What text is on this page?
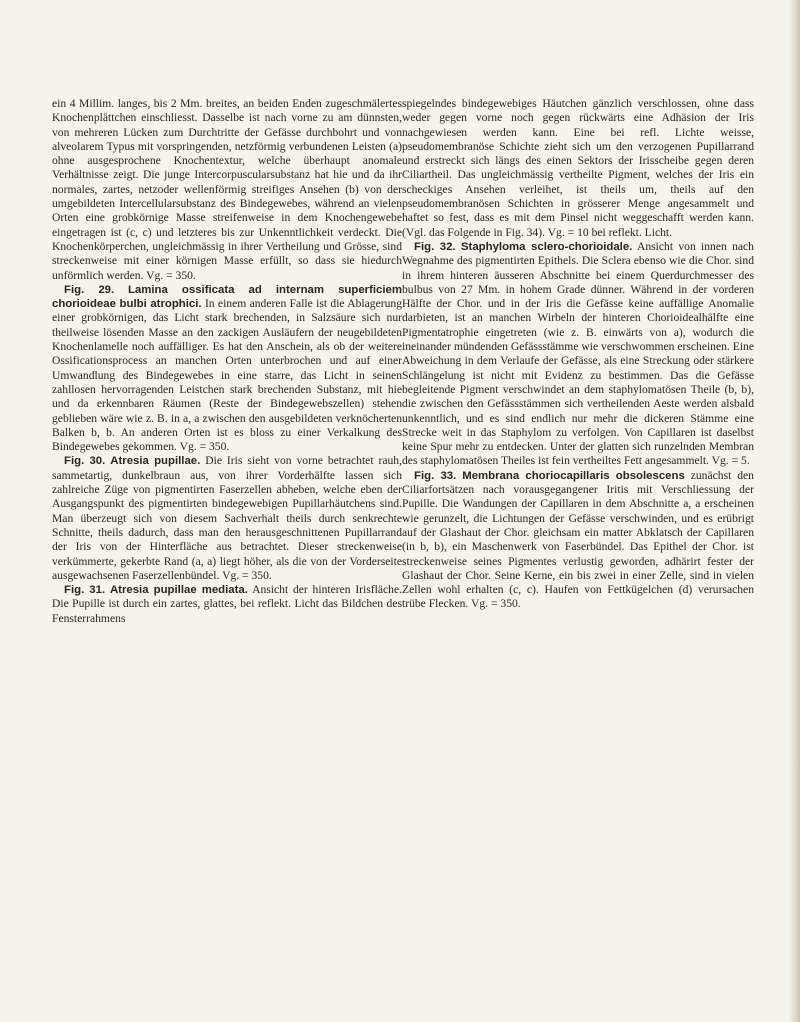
ein 4 Millim. langes, bis 2 Mm. breites, an beiden Enden zugeschmälertes Knochenplättchen einschliesst. Dasselbe ist nach vorne zu am dünnsten, von mehreren Lücken zum Durchtritte der Gefässe durchbohrt und von alveolarem Typus mit vorspringenden, netzförmig verbundenen Leisten (a) ohne ausgesprochene Knochentextur, welche überhaupt anomale Verhältnisse zeigt. Die junge Intercorpuscularsubstanz hat hie und da ihr normales, zartes, netzoder wellenförmig streifiges Ansehen (b) von der umgebildeten Intercellularsubstanz des Bindegewebes, während an vielen Orten eine grobkörnige Masse streifenweise in dem Knochengewebe eingetragen ist (c, c) und letzteres bis zur Unkenntlichkeit verdeckt. Die Knochenkörperchen, ungleichmässig in ihrer Vertheilung und Grösse, sind streckenweise mit einer körnigen Masse erfüllt, so dass sie hiedurch unförmlich werden. Vg. = 350.

Fig. 29. Lamina ossificata ad internam superficiem chorioideae bulbi atrophici. In einem anderen Falle ist die Ablagerung einer grobkörnigen, das Licht stark brechenden, in Salzsäure sich nur theilweise lösenden Masse an den zackigen Ausläufern der neugebildeten Knochenlamelle noch auffälliger. Es hat den Anschein, als ob der weitere Ossificationsprocess an manchen Orten unterbrochen und auf einer Umwandlung des Bindegewebes in eine starre, das Licht in seinen zahllosen hervorragenden Leistchen stark brechenden Substanz, mit hie und da erkennbaren Räumen (Reste der Bindegewebszellen) stehen geblieben wäre wie z. B. in a, a zwischen den ausgebildeten verknöcherten Balken b, b. An anderen Orten ist es bloss zu einer Verkalkung des Bindegewebes gekommen. Vg. = 350.

Fig. 30. Atresia pupillae. Die Iris sieht von vorne betrachtet rauh, sammetartig, dunkelbraun aus, von ihrer Vorderhälfte lassen sich zahlreiche Züge von pigmentirten Faserzellen abheben, welche eben der Ausgangspunkt des pigmentirten bindegewebigen Pupillarhäutchens sind. Man überzeugt sich von diesem Sachverhalt theils durch senkrechte Schnitte, theils dadurch, dass man den herausgeschnittenen Pupillarrand der Iris von der Hinterfläche aus betrachtet. Dieser streckenweise verkümmerte, gekerbte Rand (a, a) liegt höher, als die von der Vorderseite ausgewachsenen Faserzellenbündel. Vg. = 350.

Fig. 31. Atresia pupillae mediata. Ansicht der hinteren Irisfläche. Die Pupille ist durch ein zartes, glattes, bei reflekt. Licht das Bildchen des Fensterrahmens

spiegelndes bindegewebiges Häutchen gänzlich verschlossen, ohne dass weder gegen vorne noch gegen rückwärts eine Adhäsion der Iris nachgewiesen werden kann. Eine bei refl. Lichte weisse, pseudomembranöse Schichte zieht sich um den verzogenen Pupillarrand und erstreckt sich längs des einen Sektors der Irisscheibe gegen deren Ciliartheil. Das ungleichmässig vertheilte Pigment, welches der Iris ein scheckiges Ansehen verleihet, ist theils um, theils auf den pseudomembranösen Schichten in grösserer Menge angesammelt und haftet so fest, dass es mit dem Pinsel nicht weggeschafft werden kann. (Vgl. das Folgende in Fig. 34). Vg. = 10 bei reflekt. Licht.

Fig. 32. Staphyloma sclero-chorioidale. Ansicht von innen nach Wegnahme des pigmentirten Epithels. Die Sclera ebenso wie die Chor. sind in ihrem hinteren äusseren Abschnitte bei einem Querdurchmesser des bulbus von 27 Mm. in hohem Grade dünner. Während in der vorderen Hälfte der Chor. und in der Iris die Gefässe keine auffällige Anomalie darbieten, ist an manchen Wirbeln der hinteren Chorioidealhälfte eine Pigmentatrophie eingetreten (wie z. B. einwärts von a), wodurch die ineinander mündenden Gefässstämme wie verschwommen erscheinen. Eine Abweichung in dem Verlaufe der Gefässe, als eine Streckung oder stärkere Schlängelung ist nicht mit Evidenz zu bestimmen. Das die Gefässe begleitende Pigment verschwindet an dem staphylomatösen Theile (b, b), die zwischen den Gefässstämmen sich vertheilenden Aeste werden alsbald unkenntlich, und es sind endlich nur mehr die dickeren Stämme eine Strecke weit in das Staphylom zu verfolgen. Von Capillaren ist daselbst keine Spur mehr zu entdecken. Unter der glatten sich runzelnden Membran des staphylomatösen Theiles ist fein vertheiltes Fett angesammelt. Vg. = 5.

Fig. 33. Membrana choriocapillaris obsolescens zunächst den Ciliarfortsätzen nach vorausgegangener Iritis mit Verschliessung der Pupille. Die Wandungen der Capillaren in dem Abschnitte a, a erscheinen wie gerunzelt, die Lichtungen der Gefässe verschwinden, und es erübrigt auf der Glashaut der Chor. gleichsam ein matter Abklatsch der Capillaren (in b, b), ein Maschenwerk von Faserbündel. Das Epithel der Chor. ist streckenweise seines Pigmentes verlustig geworden, adhärirt fester der Glashaut der Chor. Seine Kerne, ein bis zwei in einer Zelle, sind in vielen Zellen wohl erhalten (c, c). Haufen von Fettkügelchen (d) verursachen trübe Flecken. Vg. = 350.
